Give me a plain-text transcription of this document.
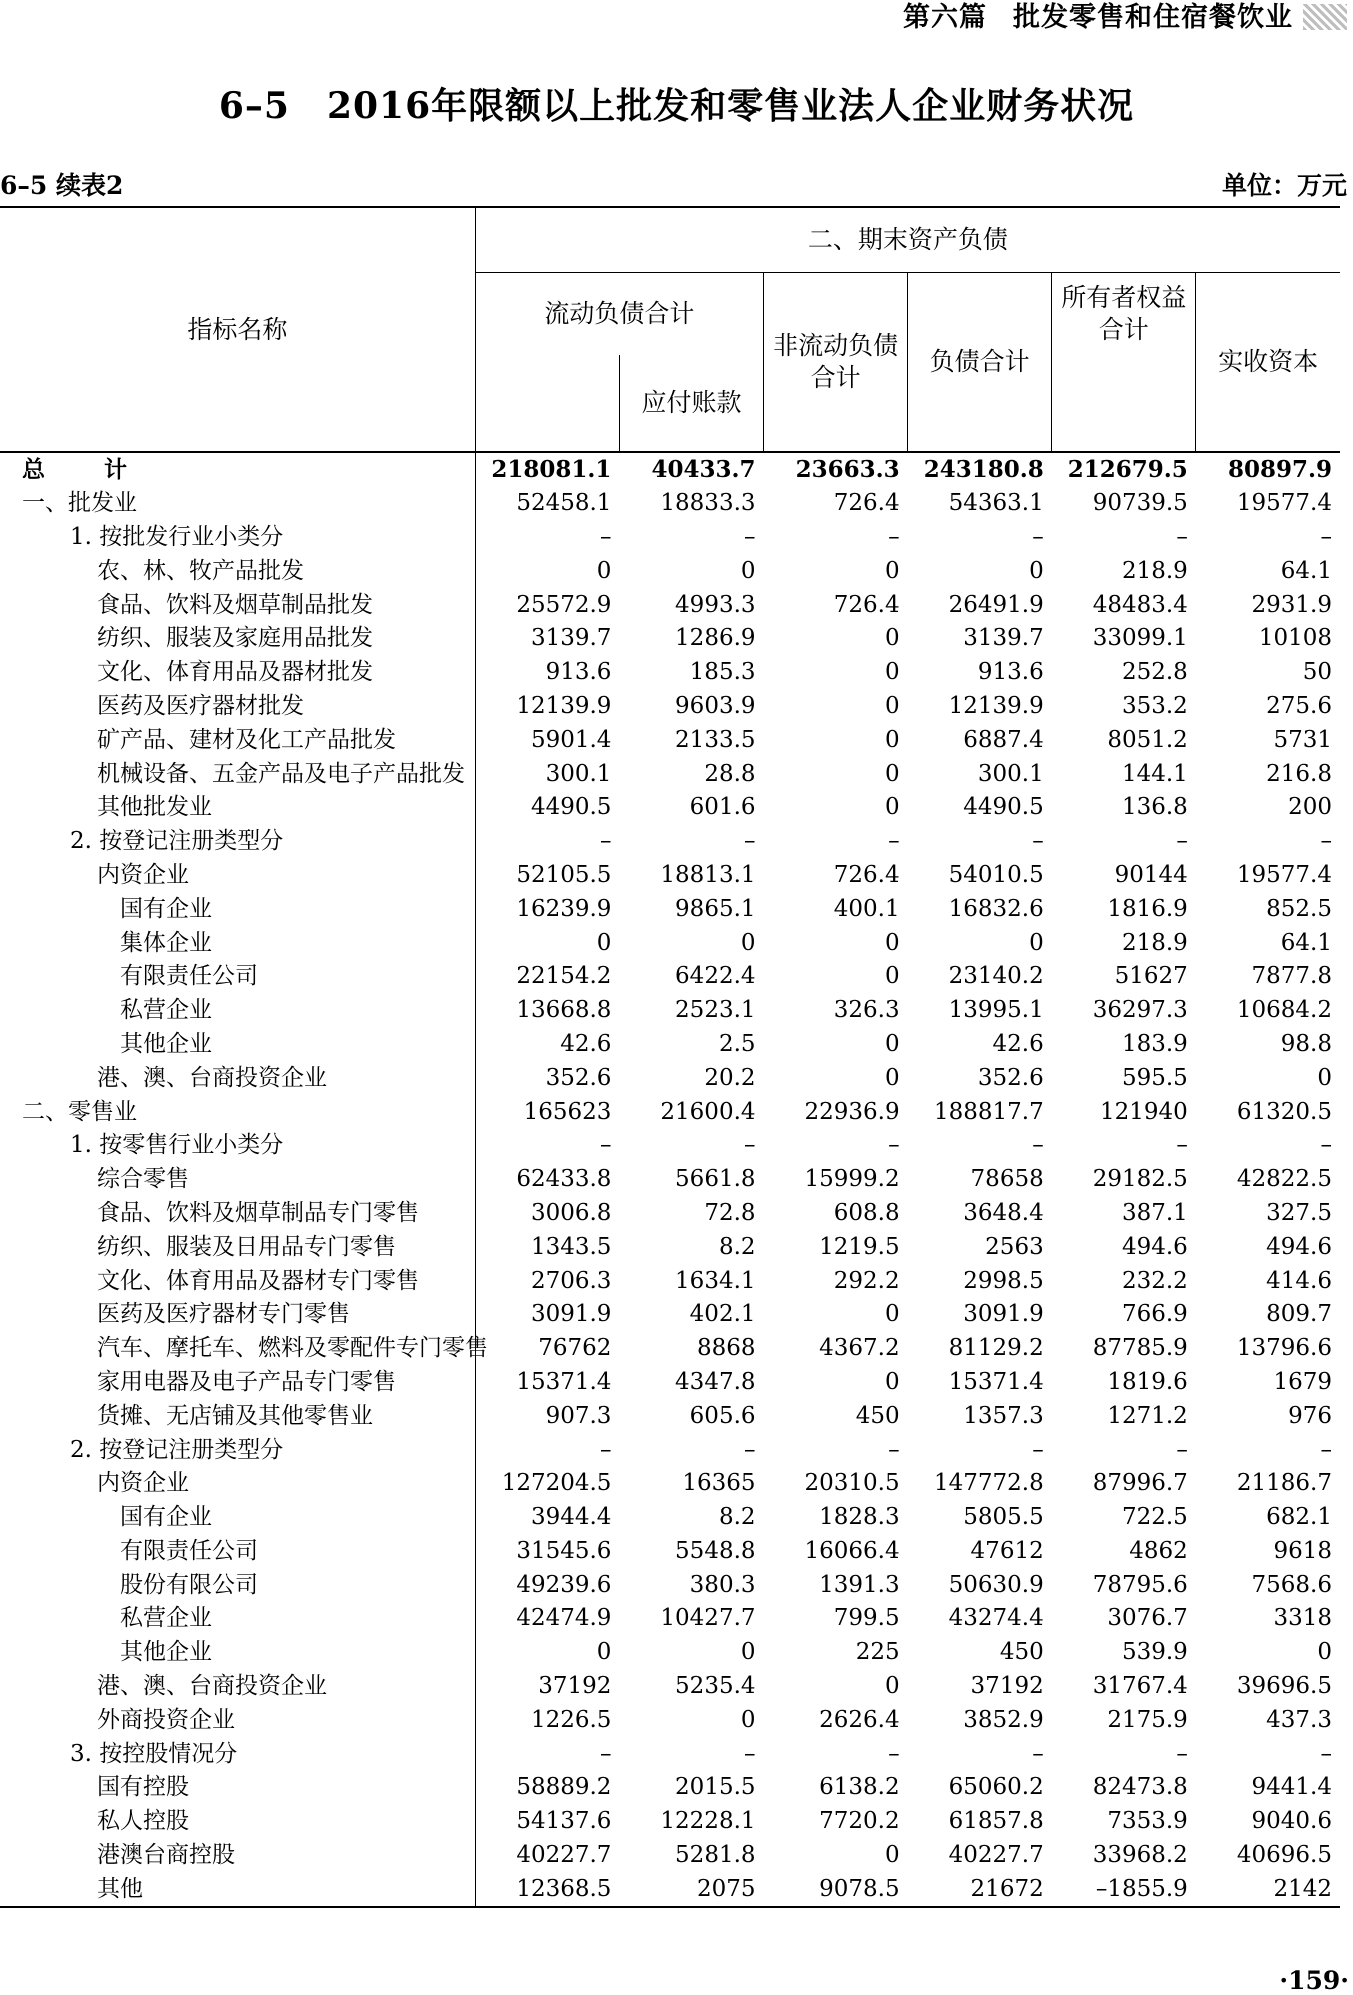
第六篇 批发零售和住宿餐饮业
6–5　2016年限额以上批发和零售业法人企业财务状况
6–5 续表2	单位：万元
指标名称	二、期末资产负债					
	流动负债合计		非流动负债合计	负债合计	所有者权益合计	实收资本
		应付账款				
总　计	218081.1	40433.7	23663.3	243180.8	212679.5	80897.9
一、批发业	52458.1	18833.3	726.4	54363.1	90739.5	19577.4
1. 按批发行业小类分	–	–	–	–	–	–
农、林、牧产品批发	0	0	0	0	218.9	64.1
食品、饮料及烟草制品批发	25572.9	4993.3	726.4	26491.9	48483.4	2931.9
纺织、服装及家庭用品批发	3139.7	1286.9	0	3139.7	33099.1	10108
文化、体育用品及器材批发	913.6	185.3	0	913.6	252.8	50
医药及医疗器材批发	12139.9	9603.9	0	12139.9	353.2	275.6
矿产品、建材及化工产品批发	5901.4	2133.5	0	6887.4	8051.2	5731
机械设备、五金产品及电子产品批发	300.1	28.8	0	300.1	144.1	216.8
其他批发业	4490.5	601.6	0	4490.5	136.8	200
2. 按登记注册类型分	–	–	–	–	–	–
内资企业	52105.5	18813.1	726.4	54010.5	90144	19577.4
国有企业	16239.9	9865.1	400.1	16832.6	1816.9	852.5
集体企业	0	0	0	0	218.9	64.1
有限责任公司	22154.2	6422.4	0	23140.2	51627	7877.8
私营企业	13668.8	2523.1	326.3	13995.1	36297.3	10684.2
其他企业	42.6	2.5	0	42.6	183.9	98.8
港、澳、台商投资企业	352.6	20.2	0	352.6	595.5	0
二、零售业	165623	21600.4	22936.9	188817.7	121940	61320.5
1. 按零售行业小类分	–	–	–	–	–	–
综合零售	62433.8	5661.8	15999.2	78658	29182.5	42822.5
食品、饮料及烟草制品专门零售	3006.8	72.8	608.8	3648.4	387.1	327.5
纺织、服装及日用品专门零售	1343.5	8.2	1219.5	2563	494.6	494.6
文化、体育用品及器材专门零售	2706.3	1634.1	292.2	2998.5	232.2	414.6
医药及医疗器材专门零售	3091.9	402.1	0	3091.9	766.9	809.7
汽车、摩托车、燃料及零配件专门零售	76762	8868	4367.2	81129.2	87785.9	13796.6
家用电器及电子产品专门零售	15371.4	4347.8	0	15371.4	1819.6	1679
货摊、无店铺及其他零售业	907.3	605.6	450	1357.3	1271.2	976
2. 按登记注册类型分	–	–	–	–	–	–
内资企业	127204.5	16365	20310.5	147772.8	87996.7	21186.7
国有企业	3944.4	8.2	1828.3	5805.5	722.5	682.1
有限责任公司	31545.6	5548.8	16066.4	47612	4862	9618
股份有限公司	49239.6	380.3	1391.3	50630.9	78795.6	7568.6
私营企业	42474.9	10427.7	799.5	43274.4	3076.7	3318
其他企业	0	0	225	450	539.9	0
港、澳、台商投资企业	37192	5235.4	0	37192	31767.4	39696.5
外商投资企业	1226.5	0	2626.4	3852.9	2175.9	437.3
3. 按控股情况分	–	–	–	–	–	–
国有控股	58889.2	2015.5	6138.2	65060.2	82473.8	9441.4
私人控股	54137.6	12228.1	7720.2	61857.8	7353.9	9040.6
港澳台商控股	40227.7	5281.8	0	40227.7	33968.2	40696.5
其他	12368.5	2075	9078.5	21672	–1855.9	2142
·159·
